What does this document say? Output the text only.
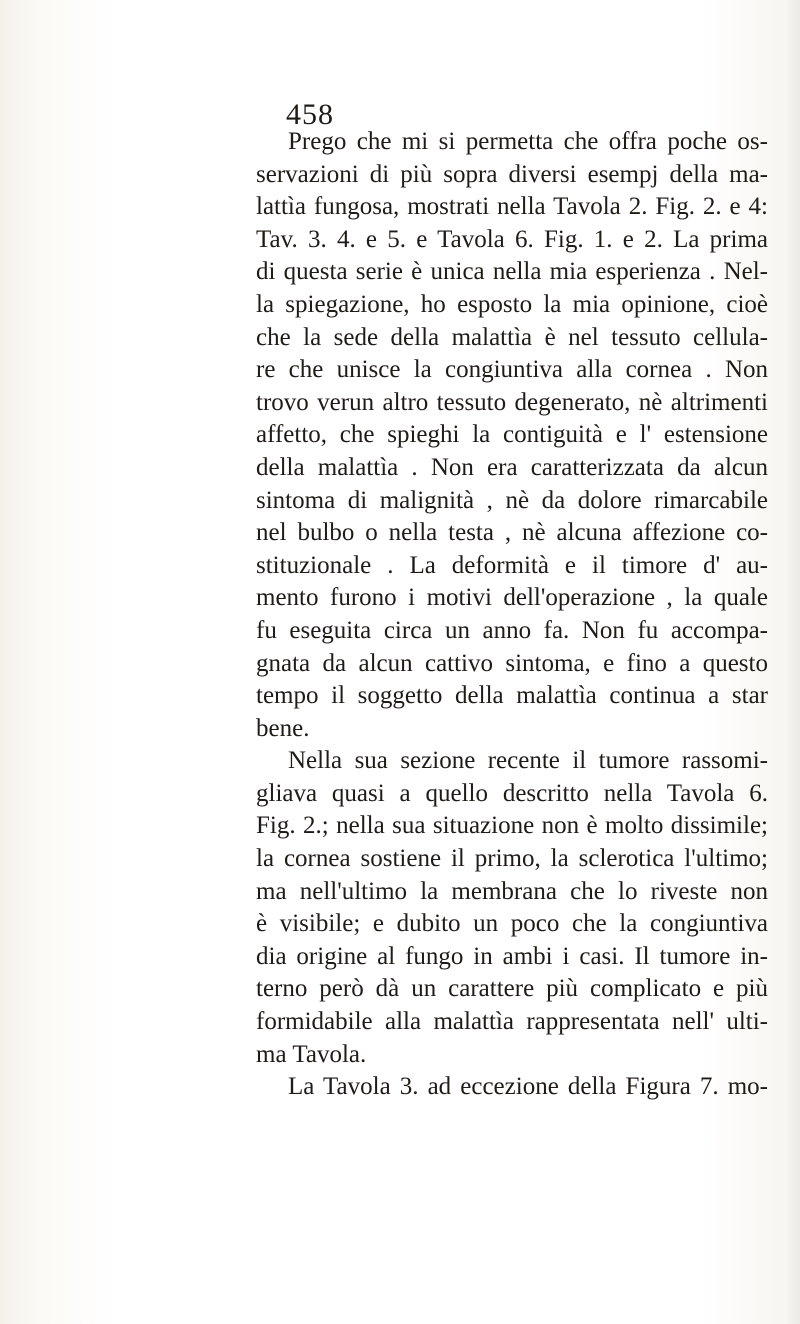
458
Prego che mi si permetta che offra poche os-
servazioni di più sopra diversi esempj della ma-
lattìa fungosa, mostrati nella Tavola 2. Fig. 2. e 4:
Tav. 3. 4. e 5. e Tavola 6. Fig. 1. e 2. La prima
di questa serie è unica nella mia esperienza . Nel-
la spiegazione, ho esposto la mia opinione, cioè
che la sede della malattìa è nel tessuto cellula-
re che unisce la congiuntiva alla cornea . Non
trovo verun altro tessuto degenerato, nè altrimenti
affetto, che spieghi la contiguità e l' estensione
della malattìa . Non era caratterizzata da alcun
sintoma di malignità , nè da dolore rimarcabile
nel bulbo o nella testa , nè alcuna affezione co-
stituzionale . La deformità e il timore d' au-
mento furono i motivi dell'operazione , la quale
fu eseguita circa un anno fa. Non fu accompa-
gnata da alcun cattivo sintoma, e fino a questo
tempo il soggetto della malattìa continua a star
bene.
Nella sua sezione recente il tumore rassomi-
gliava quasi a quello descritto nella Tavola 6.
Fig. 2.; nella sua situazione non è molto dissimile;
la cornea sostiene il primo, la sclerotica l'ultimo;
ma nell'ultimo la membrana che lo riveste non
è visibile; e dubito un poco che la congiuntiva
dia origine al fungo in ambi i casi. Il tumore in-
terno però dà un carattere più complicato e più
formidabile alla malattìa rappresentata nell' ulti-
ma Tavola.
La Tavola 3. ad eccezione della Figura 7. mo-
